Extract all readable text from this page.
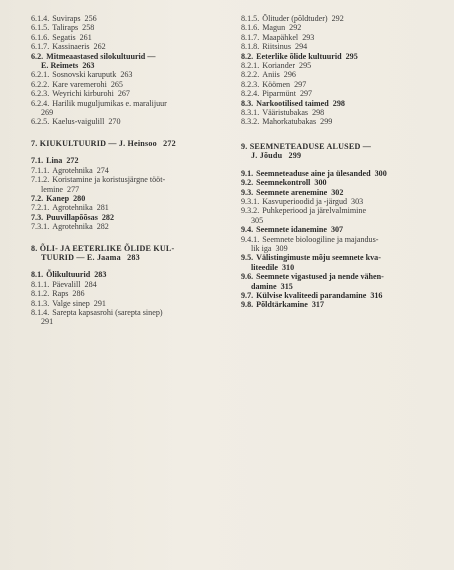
6.1.4. Suviraps 256
6.1.5. Taliraps 258
6.1.6. Segatis 261
6.1.7. Kassinaeris 262
6.2. Mitmeaastased silokultuurid —
E. Reimets 263
6.2.1. Sosnovski karuputk 263
6.2.2. Kare varemerohi 265
6.2.3. Weyrichi kirburohi 267
6.2.4. Harilik muguljumikas e. maralijuur
269
6.2.5. Kaelus-vaigulill 270
7. KIUKULTUURID — J. Heinsoo 272
7.1. Lina 272
7.1.1. Agrotehnika 274
7.1.2. Koristamine ja koristusjärgne tööt-
lemine 277
7.2. Kanep 280
7.2.1. Agrotehnika 281
7.3. Puuvillapõõsas 282
7.3.1. Agrotehnika 282
8. ÕLI- JA EETERLIKE ÕLIDE KUL-
TUURID — E. Jaama 283
8.1. Õlikultuurid 283
8.1.1. Päevalill 284
8.1.2. Raps 286
8.1.3. Valge sinep 291
8.1.4. Sarepta kapsasrohi (sarepta sinep)
291
8.1.5. Õlituder (põldtuder) 292
8.1.6. Magun 292
8.1.7. Maapähkel 293
8.1.8. Riitsinus 294
8.2. Eeterlike õlide kultuurid 295
8.2.1. Koriander 295
8.2.2. Aniis 296
8.2.3. Köömen 297
8.2.4. Piparmünt 297
8.3. Narkootilised taimed 298
8.3.1. Vääristubakas 298
8.3.2. Mahorkatubakas 299
9. SEEMNETEADUSE ALUSED —
J. Jõudu 299
9.1. Seemneteaduse aine ja ülesanded 300
9.2. Seemnekontroll 300
9.3. Seemnete arenemine 302
9.3.1. Kasvuperioodid ja -järgud 303
9.3.2. Puhkeperiood ja järelvalmimine
305
9.4. Seemnete idanemine 307
9.4.1. Seemnete bioloogiline ja majandus-
lik iga 309
9.5. Välistingimuste mõju seemnete kva-
liteedile 310
9.6. Seemnete vigastused ja nende vähen-
damine 315
9.7. Külvise kvaliteedi parandamine 316
9.8. Põldtärkamine 317
